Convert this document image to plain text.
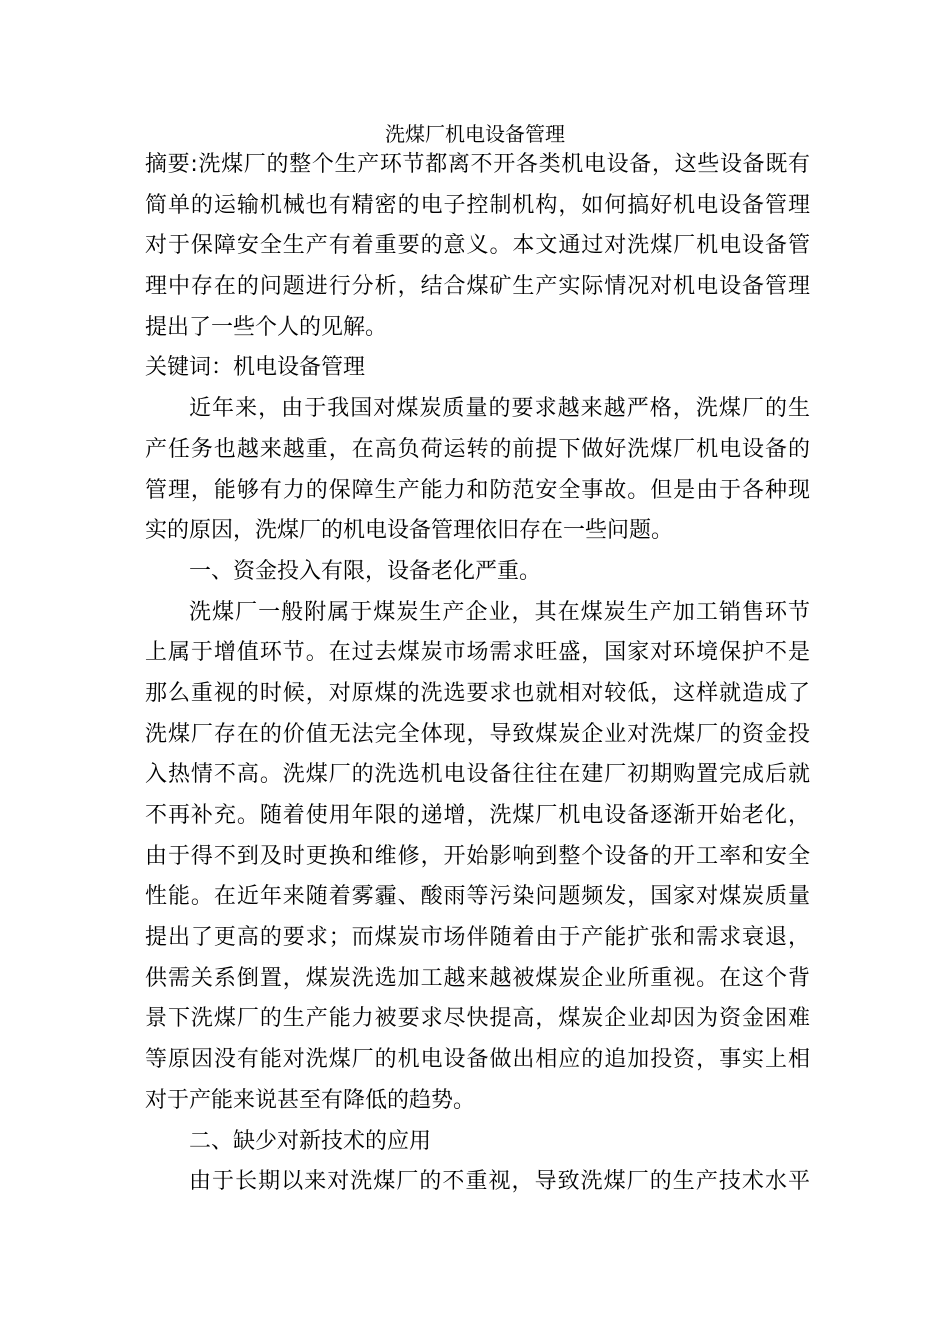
洗煤厂机电设备管理
摘要:洗煤厂的整个生产环节都离不开各类机电设备，这些设备既有
简单的运输机械也有精密的电子控制机构，如何搞好机电设备管理
对于保障安全生产有着重要的意义。本文通过对洗煤厂机电设备管
理中存在的问题进行分析，结合煤矿生产实际情况对机电设备管理
提出了一些个人的见解。
关键词：机电设备管理
近年来，由于我国对煤炭质量的要求越来越严格，洗煤厂的生
产任务也越来越重，在高负荷运转的前提下做好洗煤厂机电设备的
管理，能够有力的保障生产能力和防范安全事故。但是由于各种现
实的原因，洗煤厂的机电设备管理依旧存在一些问题。
一、资金投入有限，设备老化严重。
洗煤厂一般附属于煤炭生产企业，其在煤炭生产加工销售环节
上属于增值环节。在过去煤炭市场需求旺盛，国家对环境保护不是
那么重视的时候，对原煤的洗选要求也就相对较低，这样就造成了
洗煤厂存在的价值无法完全体现，导致煤炭企业对洗煤厂的资金投
入热情不高。洗煤厂的洗选机电设备往往在建厂初期购置完成后就
不再补充。随着使用年限的递增，洗煤厂机电设备逐渐开始老化，
由于得不到及时更换和维修，开始影响到整个设备的开工率和安全
性能。在近年来随着雾霾、酸雨等污染问题频发，国家对煤炭质量
提出了更高的要求；而煤炭市场伴随着由于产能扩张和需求衰退，
供需关系倒置，煤炭洗选加工越来越被煤炭企业所重视。在这个背
景下洗煤厂的生产能力被要求尽快提高，煤炭企业却因为资金困难
等原因没有能对洗煤厂的机电设备做出相应的追加投资，事实上相
对于产能来说甚至有降低的趋势。
二、缺少对新技术的应用
由于长期以来对洗煤厂的不重视，导致洗煤厂的生产技术水平
